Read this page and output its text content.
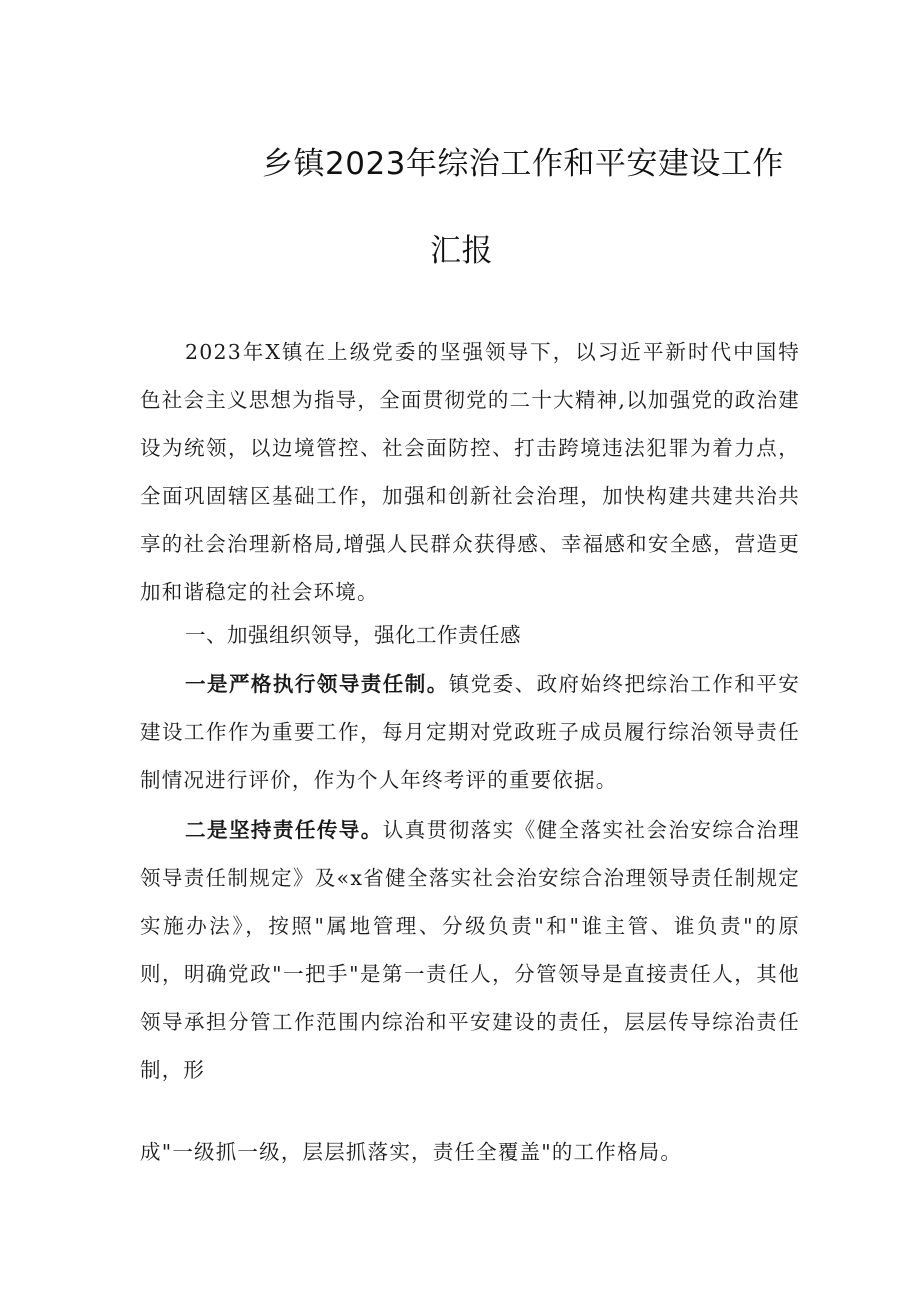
乡镇2023年综治工作和平安建设工作
汇报

2023年X镇在上级党委的坚强领导下，以习近平新时代中国特色社会主义思想为指导，全面贯彻党的二十大精神,以加强党的政治建设为统领，以边境管控、社会面防控、打击跨境违法犯罪为着力点，全面巩固辖区基础工作，加强和创新社会治理，加快构建共建共治共享的社会治理新格局,增强人民群众获得感、幸福感和安全感，营造更加和谐稳定的社会环境。

一、加强组织领导，强化工作责任感

一是严格执行领导责任制。镇党委、政府始终把综治工作和平安建设工作作为重要工作，每月定期对党政班子成员履行综治领导责任制情况进行评价，作为个人年终考评的重要依据。

二是坚持责任传导。认真贯彻落实《健全落实社会治安综合治理领导责任制规定》及«x省健全落实社会治安综合治理领导责任制规定实施办法》，按照"属地管理、分级负责"和"谁主管、谁负责"的原则，明确党政"一把手"是第一责任人，分管领导是直接责任人，其他领导承担分管工作范围内综治和平安建设的责任，层层传导综治责任制，形

成"一级抓一级，层层抓落实，责任全覆盖"的工作格局。
